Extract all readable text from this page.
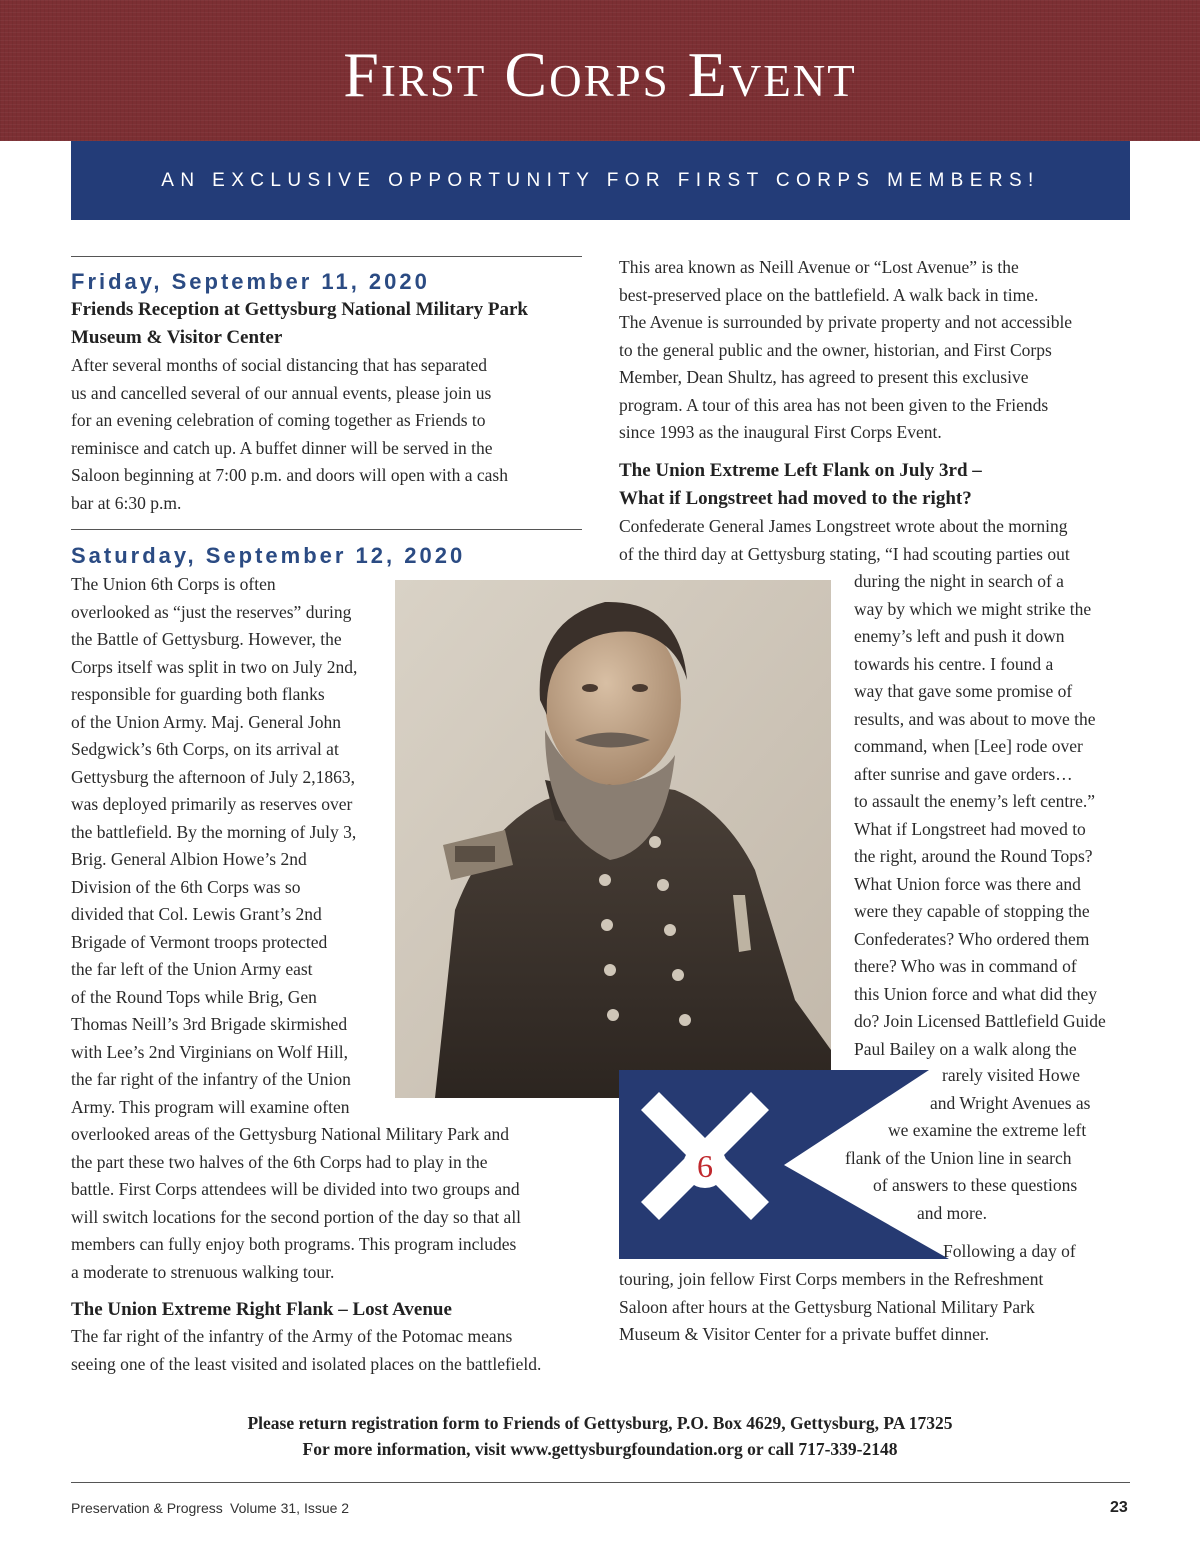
First Corps Event
AN EXCLUSIVE OPPORTUNITY FOR FIRST CORPS MEMBERS!
Friday, September 11, 2020
Friends Reception at Gettysburg National Military Park
Museum & Visitor Center
After several months of social distancing that has separated
us and cancelled several of our annual events, please join us
for an evening celebration of coming together as Friends to
reminisce and catch up. A buffet dinner will be served in the
Saloon beginning at 7:00 p.m. and doors will open with a cash
bar at 6:30 p.m.
Saturday, September 12, 2020
The Union 6th Corps is often
overlooked as “just the reserves” during
the Battle of Gettysburg. However, the
Corps itself was split in two on July 2nd,
responsible for guarding both flanks
of the Union Army. Maj. General John
Sedgwick’s 6th Corps, on its arrival at
Gettysburg the afternoon of July 2,1863,
was deployed primarily as reserves over
the battlefield. By the morning of July 3,
Brig. General Albion Howe’s 2nd
Division of the 6th Corps was so
divided that Col. Lewis Grant’s 2nd
Brigade of Vermont troops protected
the far left of the Union Army east
of the Round Tops while Brig, Gen
Thomas Neill’s 3rd Brigade skirmished
with Lee’s 2nd Virginians on Wolf Hill,
the far right of the infantry of the Union
Army. This program will examine often
overlooked areas of the Gettysburg National Military Park and
the part these two halves of the 6th Corps had to play in the
battle. First Corps attendees will be divided into two groups and
will switch locations for the second portion of the day so that all
members can fully enjoy both programs. This program includes
a moderate to strenuous walking tour.
The Union Extreme Right Flank – Lost Avenue
The far right of the infantry of the Army of the Potomac means
seeing one of the least visited and isolated places on the battlefield.
This area known as Neill Avenue or “Lost Avenue” is the
best-preserved place on the battlefield. A walk back in time.
The Avenue is surrounded by private property and not accessible
to the general public and the owner, historian, and First Corps
Member, Dean Shultz, has agreed to present this exclusive
program. A tour of this area has not been given to the Friends
since 1993 as the inaugural First Corps Event.
The Union Extreme Left Flank on July 3rd –
What if Longstreet had moved to the right?
Confederate General James Longstreet wrote about the morning
of the third day at Gettysburg stating, “I had scouting parties out
during the night in search of a
way by which we might strike the
enemy’s left and push it down
towards his centre. I found a
way that gave some promise of
results, and was about to move the
command, when [Lee] rode over
after sunrise and gave orders…
to assault the enemy’s left centre.”
What if Longstreet had moved to
the right, around the Round Tops?
What Union force was there and
were they capable of stopping the
Confederates? Who ordered them
there? Who was in command of
this Union force and what did they
do? Join Licensed Battlefield Guide
Paul Bailey on a walk along the
rarely visited Howe
and Wright Avenues as
we examine the extreme left
flank of the Union line in search
of answers to these questions
and more.
Following a day of
touring, join fellow First Corps members in the Refreshment
Saloon after hours at the Gettysburg National Military Park
Museum & Visitor Center for a private buffet dinner.
6
Please return registration form to Friends of Gettysburg, P.O. Box 4629, Gettysburg, PA 17325
For more information, visit www.gettysburgfoundation.org or call 717-339-2148
Preservation & Progress Volume 31, Issue 2	23
